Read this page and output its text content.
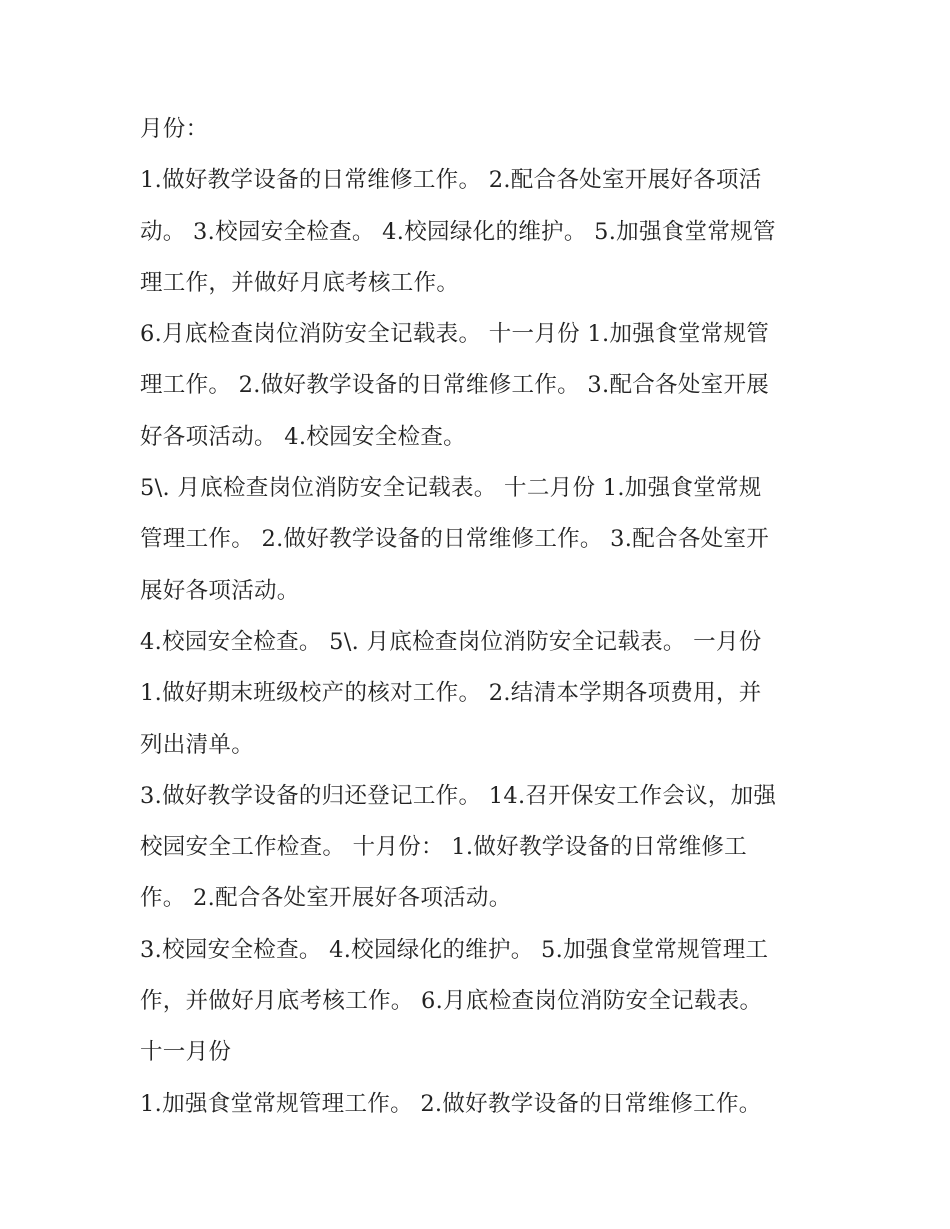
月份：
1.做好教学设备的日常维修工作。 2.配合各处室开展好各项活
动。 3.校园安全检查。 4.校园绿化的维护。 5.加强食堂常规管
理工作，并做好月底考核工作。
6.月底检查岗位消防安全记载表。 十一月份 1.加强食堂常规管
理工作。 2.做好教学设备的日常维修工作。 3.配合各处室开展
好各项活动。 4.校园安全检查。
5\. 月底检查岗位消防安全记载表。 十二月份 1.加强食堂常规
管理工作。 2.做好教学设备的日常维修工作。 3.配合各处室开
展好各项活动。
4.校园安全检查。 5\. 月底检查岗位消防安全记载表。 一月份
1.做好期末班级校产的核对工作。 2.结清本学期各项费用，并
列出清单。
3.做好教学设备的归还登记工作。 14.召开保安工作会议，加强
校园安全工作检查。 十月份： 1.做好教学设备的日常维修工
作。 2.配合各处室开展好各项活动。
3.校园安全检查。 4.校园绿化的维护。 5.加强食堂常规管理工
作，并做好月底考核工作。 6.月底检查岗位消防安全记载表。
十一月份
1.加强食堂常规管理工作。 2.做好教学设备的日常维修工作。
